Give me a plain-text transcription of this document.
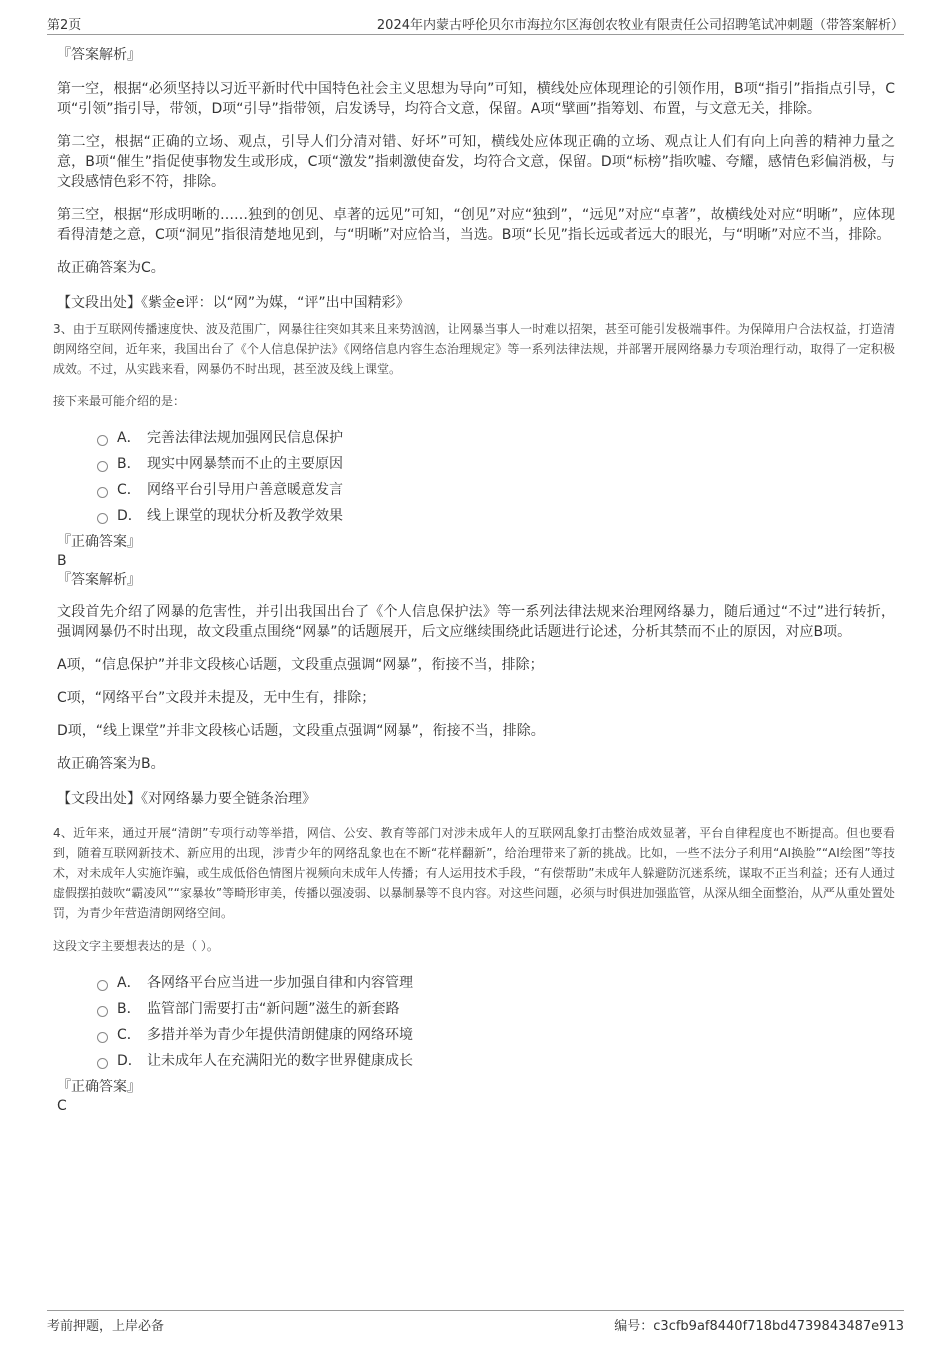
第2页	2024年内蒙古呼伦贝尔市海拉尔区海创农牧业有限责任公司招聘笔试冲刺题（带答案解析）

『答案解析』

第一空，根据“必须坚持以习近平新时代中国特色社会主义思想为导向”可知，横线处应体现理论的引领作用，B项“指引”指指点引导，C项“引领”指引导，带领，D项“引导”指带领，启发诱导，均符合文意，保留。A项“擘画”指筹划、布置，与文意无关，排除。

第二空，根据“正确的立场、观点，引导人们分清对错、好坏”可知，横线处应体现正确的立场、观点让人们有向上向善的精神力量之意，B项“催生”指促使事物发生或形成，C项“激发”指刺激使奋发，均符合文意，保留。D项“标榜”指吹嘘、夸耀，感情色彩偏消极，与文段感情色彩不符，排除。

第三空，根据“形成明晰的……独到的创见、卓著的远见”可知，“创见”对应“独到”，“远见”对应“卓著”，故横线处对应“明晰”，应体现看得清楚之意，C项“洞见”指很清楚地见到，与“明晰”对应恰当，当选。B项“长见”指长远或者远大的眼光，与“明晰”对应不当，排除。

故正确答案为C。

【文段出处】《紫金e评：以“网”为媒，“评”出中国精彩》

3、由于互联网传播速度快、波及范围广，网暴往往突如其来且来势汹汹，让网暴当事人一时难以招架，甚至可能引发极端事件。为保障用户合法权益，打造清朗网络空间，近年来，我国出台了《个人信息保护法》《网络信息内容生态治理规定》等一系列法律法规，并部署开展网络暴力专项治理行动，取得了一定积极成效。不过，从实践来看，网暴仍不时出现，甚至波及线上课堂。

接下来最可能介绍的是：

A． 完善法律法规加强网民信息保护
B． 现实中网暴禁而不止的主要原因
C． 网络平台引导用户善意暖意发言
D． 线上课堂的现状分析及教学效果

『正确答案』

B

『答案解析』

文段首先介绍了网暴的危害性，并引出我国出台了《个人信息保护法》等一系列法律法规来治理网络暴力，随后通过“不过”进行转折，强调网暴仍不时出现，故文段重点围绕“网暴”的话题展开，后文应继续围绕此话题进行论述，分析其禁而不止的原因，对应B项。

A项，“信息保护”并非文段核心话题，文段重点强调“网暴”，衔接不当，排除；

C项，“网络平台”文段并未提及，无中生有，排除；

D项，“线上课堂”并非文段核心话题，文段重点强调“网暴”，衔接不当，排除。

故正确答案为B。

【文段出处】《对网络暴力要全链条治理》

4、近年来，通过开展“清朗”专项行动等举措，网信、公安、教育等部门对涉未成年人的互联网乱象打击整治成效显著，平台自律程度也不断提高。但也要看到，随着互联网新技术、新应用的出现，涉青少年的网络乱象也在不断“花样翻新”，给治理带来了新的挑战。比如，一些不法分子利用“AI换脸”“AI绘图”等技术，对未成年人实施诈骗，或生成低俗色情图片视频向未成年人传播；有人运用技术手段，“有偿帮助”未成年人躲避防沉迷系统，谋取不正当利益；还有人通过虚假摆拍鼓吹“霸凌风”“家暴妆”等畸形审美，传播以强凌弱、以暴制暴等不良内容。对这些问题，必须与时俱进加强监管，从深从细全面整治，从严从重处置处罚，为青少年营造清朗网络空间。

这段文字主要想表达的是（ ）。

A． 各网络平台应当进一步加强自律和内容管理
B． 监管部门需要打击“新问题”滋生的新套路
C． 多措并举为青少年提供清朗健康的网络环境
D． 让未成年人在充满阳光的数字世界健康成长

『正确答案』

C

考前押题，上岸必备	编号：c3cfb9af8440f718bd4739843487e913
